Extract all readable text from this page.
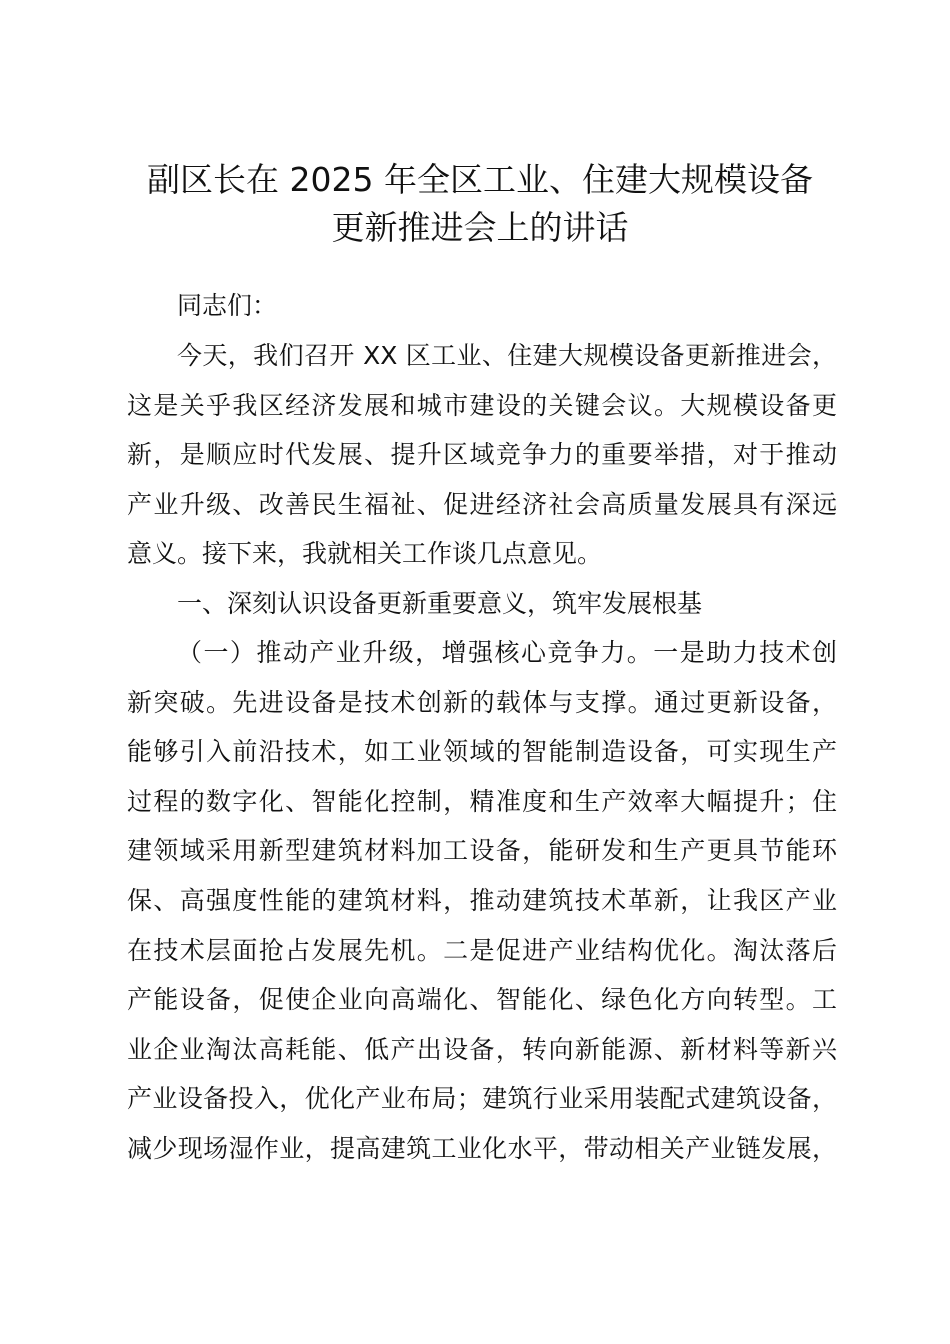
副区长在 2025 年全区工业、住建大规模设备
更新推进会上的讲话
同志们：
今天，我们召开 XX 区工业、住建大规模设备更新推进会，
这是关乎我区经济发展和城市建设的关键会议。大规模设备更
新，是顺应时代发展、提升区域竞争力的重要举措，对于推动
产业升级、改善民生福祉、促进经济社会高质量发展具有深远
意义。接下来，我就相关工作谈几点意见。
一、深刻认识设备更新重要意义，筑牢发展根基
（一）推动产业升级，增强核心竞争力。一是助力技术创
新突破。先进设备是技术创新的载体与支撑。通过更新设备，
能够引入前沿技术，如工业领域的智能制造设备，可实现生产
过程的数字化、智能化控制，精准度和生产效率大幅提升；住
建领域采用新型建筑材料加工设备，能研发和生产更具节能环
保、高强度性能的建筑材料，推动建筑技术革新，让我区产业
在技术层面抢占发展先机。二是促进产业结构优化。淘汰落后
产能设备，促使企业向高端化、智能化、绿色化方向转型。工
业企业淘汰高耗能、低产出设备，转向新能源、新材料等新兴
产业设备投入，优化产业布局；建筑行业采用装配式建筑设备，
减少现场湿作业，提高建筑工业化水平，带动相关产业链发展，
